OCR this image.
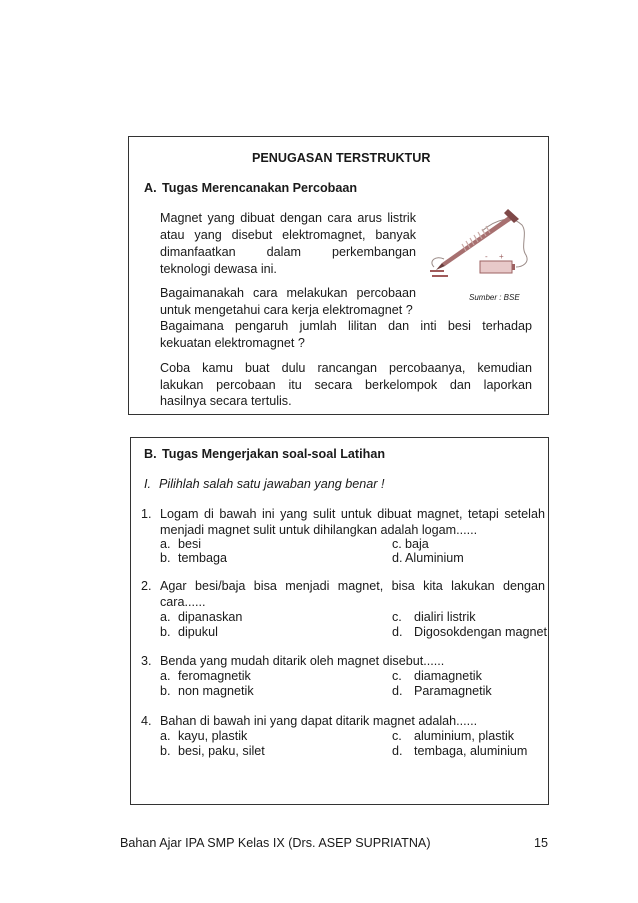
PENUGASAN TERSTRUKTUR
A. Tugas Merencanakan Percobaan
Magnet yang dibuat dengan cara arus listrik
atau yang disebut elektromagnet, banyak
dimanfaatkan dalam perkembangan
teknologi dewasa ini.
Bagaimanakah cara melakukan percobaan
untuk mengetahui cara kerja elektromagnet ?
Bagaimana pengaruh jumlah lilitan dan inti besi terhadap
kekuatan elektromagnet ?
Coba kamu buat dulu rancangan percobaanya, kemudian
lakukan percobaan itu secara berkelompok dan laporkan
hasilnya secara tertulis.
- +
Sumber : BSE
B. Tugas Mengerjakan soal-soal Latihan
I. Pilihlah salah satu jawaban yang benar !
1. Logam di bawah ini yang sulit untuk dibuat magnet, tetapi setelah
menjadi magnet sulit untuk dihilangkan adalah logam......
a. besi	c. baja
b. tembaga	d. Aluminium
2. Agar besi/baja bisa menjadi magnet, bisa kita lakukan dengan
cara......
a. dipanaskan	c. dialiri listrik
b. dipukul	d. Digosokdengan magnet
3. Benda yang mudah ditarik oleh magnet disebut......
a. feromagnetik	c. diamagnetik
b. non magnetik	d. Paramagnetik
4. Bahan di bawah ini yang dapat ditarik magnet adalah......
a. kayu, plastik	c. aluminium, plastik
b. besi, paku, silet	d. tembaga, aluminium
Bahan Ajar IPA SMP Kelas IX (Drs. ASEP SUPRIATNA)	15
